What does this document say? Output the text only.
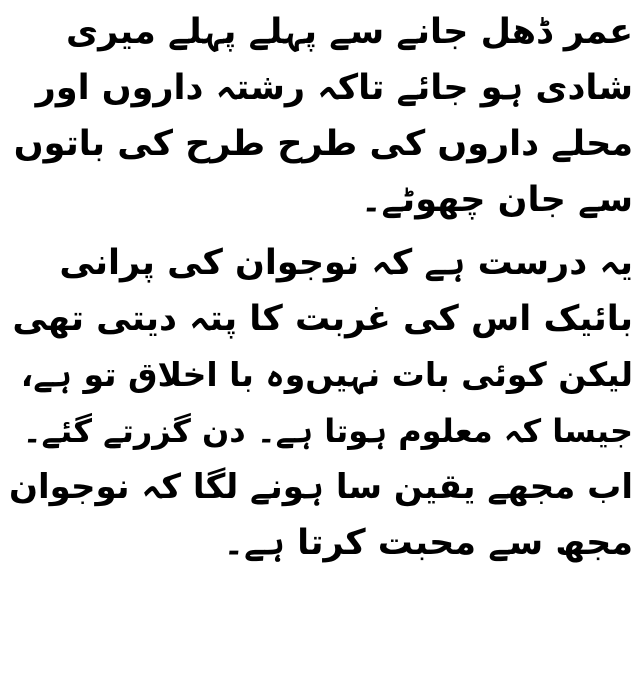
عمر ڈھل جانے سے پہلے پہلے میری
شادی ہو جائے تاکہ رشتہ داروں اور
محلے داروں کی طرح طرح کی باتوں
سے جان چھوٹے۔
یہ درست ہے کہ نوجوان کی پرانی
بائیک اس کی غربت کا پتہ دیتی تھی
لیکن کوئی بات نہیں‌وہ با اخلاق تو ہے،
جیسا کہ معلوم ہوتا ہے۔ دن گزرتے گئے۔
اب مجھے یقین سا ہونے لگا کہ نوجوان
مجھ سے محبت کرتا ہے۔
